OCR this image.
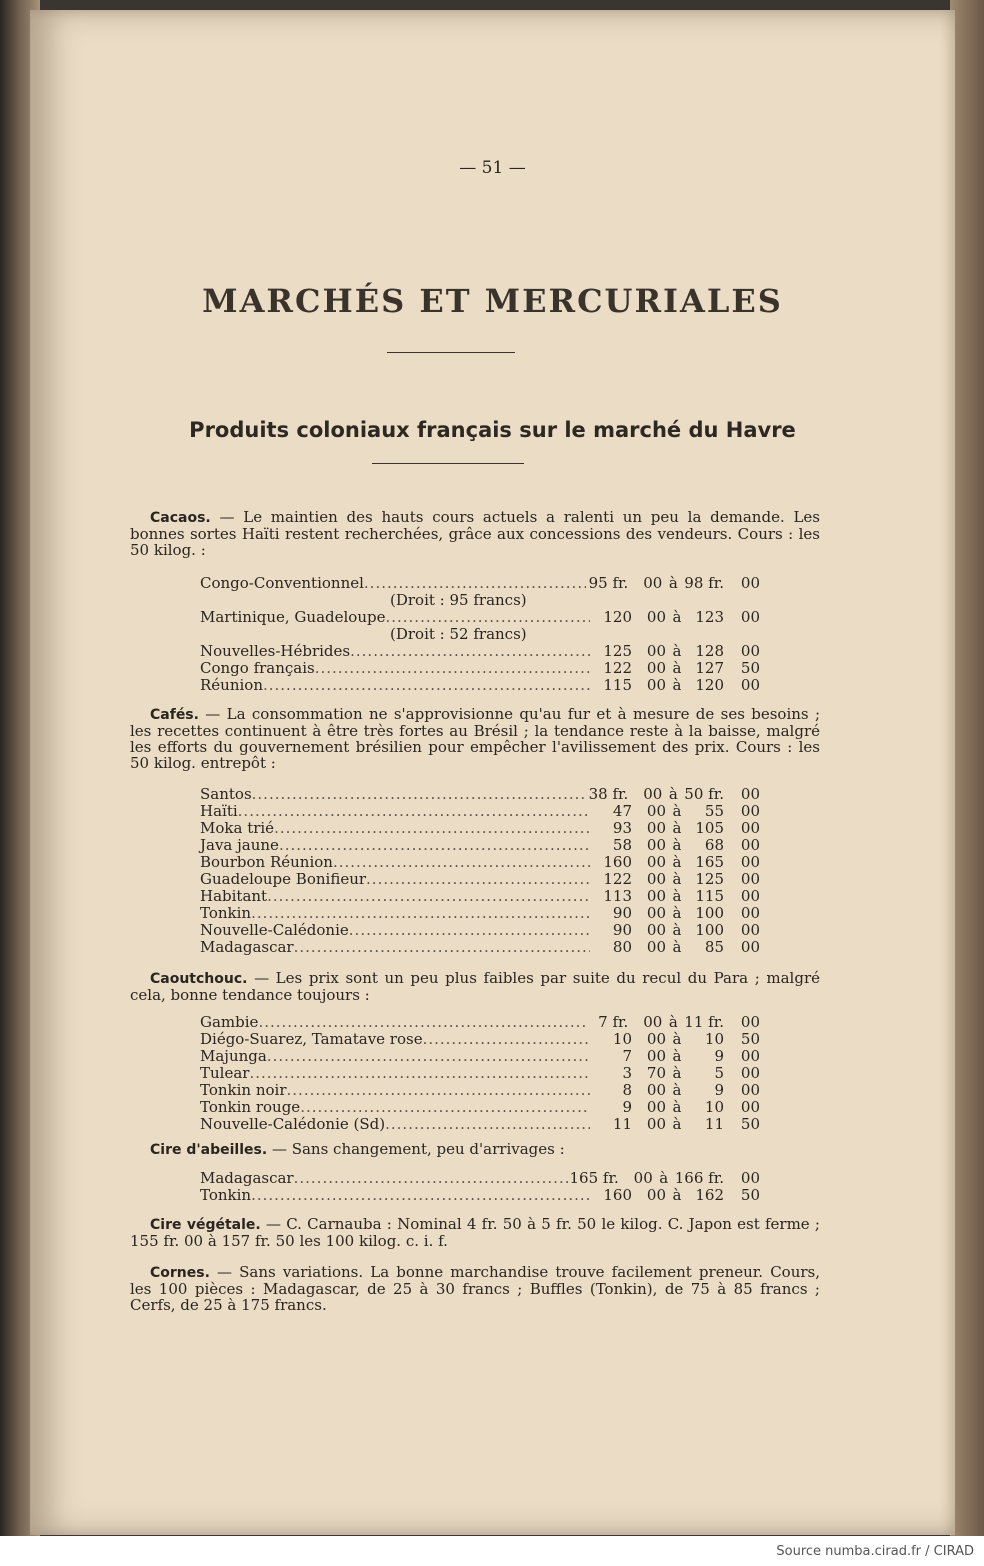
— 51 —
MARCHÉS ET MERCURIALES
Produits coloniaux français sur le marché du Havre
Cacaos. — Le maintien des hauts cours actuels a ralenti un peu la demande. Les bonnes sortes Haïti restent recherchées, grâce aux concessions des vendeurs. Cours : les 50 kilog. :
Congo-Conventionnel .....	95 fr. 00 à 98 fr.	00
(Droit : 95 francs)
Martinique, Guadeloupe .....	120 00 à 123	00
(Droit : 52 francs)
Nouvelles-Hébrides .....	125 00 à 128	00
Congo français .....	122 00 à 127	50
Réunion .....	115 00 à 120	00
Cafés. — La consommation ne s'approvisionne qu'au fur et à mesure de ses besoins ; les recettes continuent à être très fortes au Brésil ; la tendance reste à la baisse, malgré les efforts du gouvernement brésilien pour empêcher l'avilissement des prix. Cours : les 50 kilog. entrepôt :
Santos .....	38 fr. 00 à 50 fr.	00
Haïti .....	47 00 à	55	00
Moka trié .....	93 00 à 105	00
Java jaune .....	58 00 à	68	00
Bourbon Réunion .....	160 00 à 165	00
Guadeloupe Bonifieur .....	122 00 à 125	00
Habitant .....	113 00 à 115	00
Tonkin .....	90 00 à 100	00
Nouvelle-Calédonie .....	90 00 à 100	00
Madagascar .....	80 00 à	85	00
Caoutchouc. — Les prix sont un peu plus faibles par suite du recul du Para ; malgré cela, bonne tendance toujours :
Gambie .....	7 fr. 00 à 11 fr.	00
Diégo-Suarez, Tamatave rose .....	10 00 à	10	50
Majunga .....	7 00 à	9	00
Tulear .....	3 70 à	5	00
Tonkin noir .....	8 00 à	9	00
Tonkin rouge .....	9 00 à	10	00
Nouvelle-Calédonie (Sd) .....	11 00 à	11	50
Cire d'abeilles. — Sans changement, peu d'arrivages :
Madagascar .....	165 fr. 00 à 166 fr.	00
Tonkin .....	160 00 à 162	50
Cire végétale. — C. Carnauba : Nominal 4 fr. 50 à 5 fr. 50 le kilog. C. Japon est ferme ; 155 fr. 00 à 157 fr. 50 les 100 kilog. c. i. f.
Cornes. — Sans variations. La bonne marchandise trouve facilement preneur. Cours, les 100 pièces : Madagascar, de 25 à 30 francs ; Buffles (Tonkin), de 75 à 85 francs ; Cerfs, de 25 à 175 francs.
Source numba.cirad.fr / CIRAD
